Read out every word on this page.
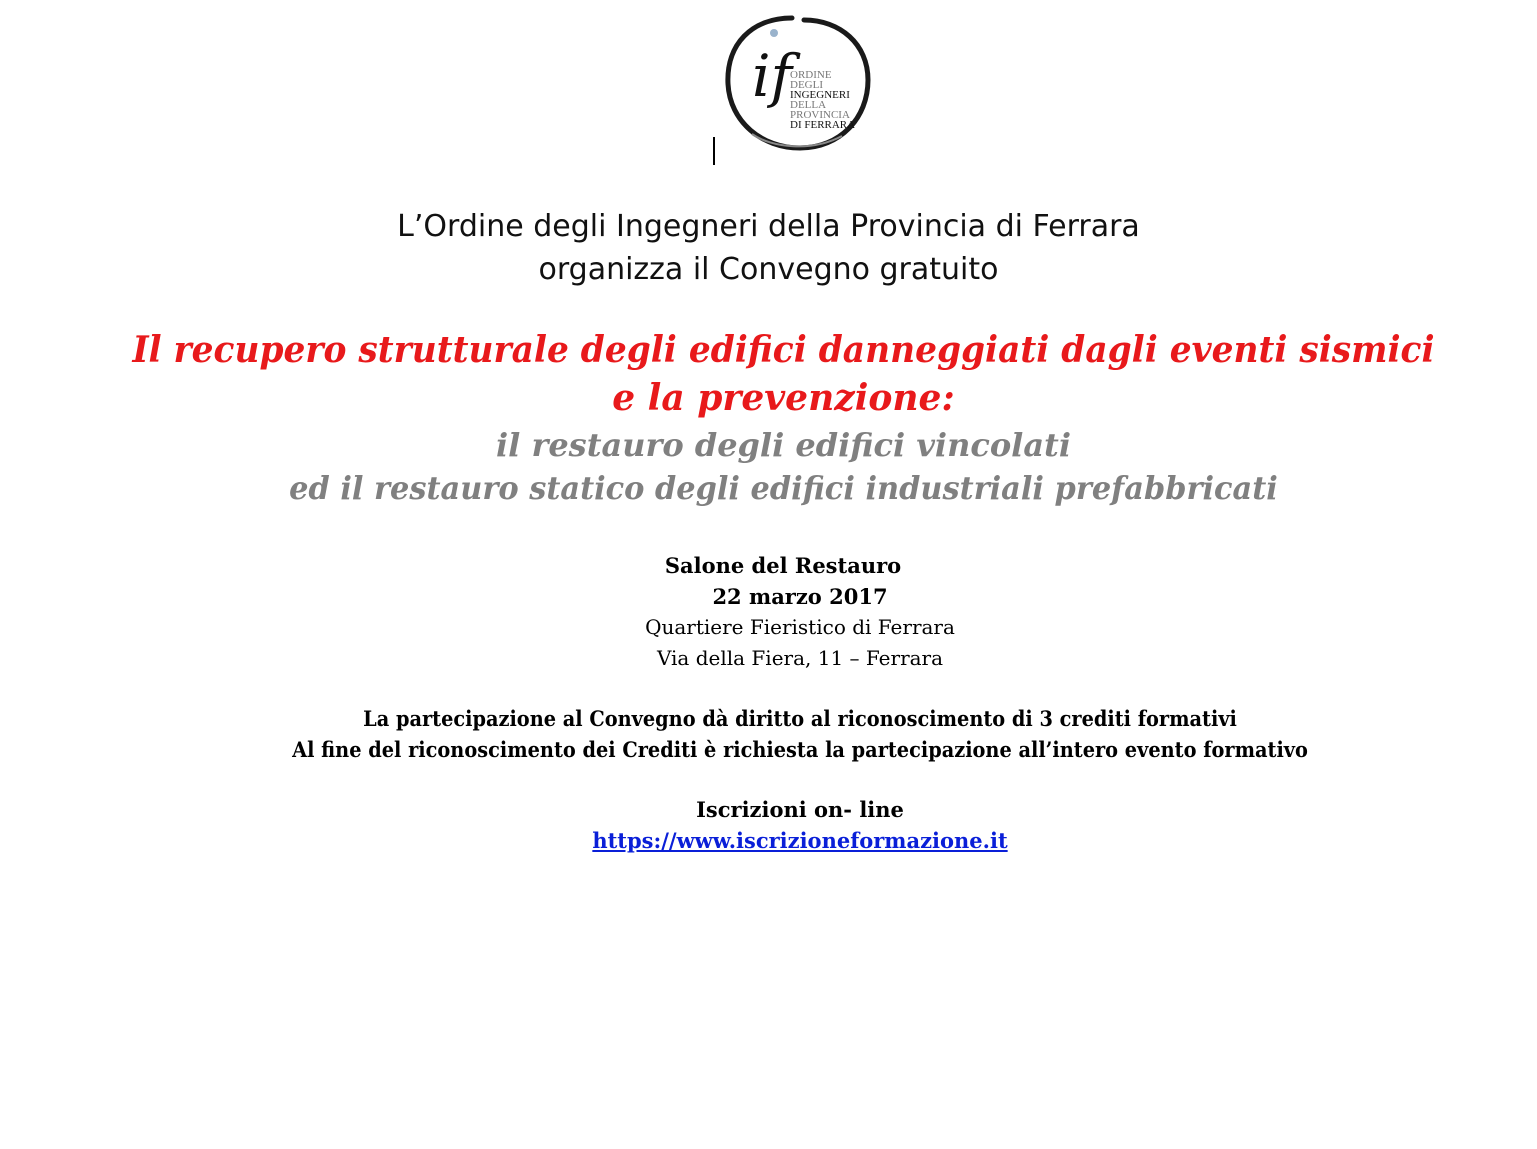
if
ORDINE
DEGLI
INGEGNERI
DELLA
PROVINCIA
DI FERRARA
L’Ordine degli Ingegneri della Provincia di Ferrara
organizza il Convegno gratuito
Il recupero strutturale degli edifici danneggiati dagli eventi sismici
e la prevenzione:
il restauro degli edifici vincolati
ed il restauro statico degli edifici industriali prefabbricati
Salone del Restauro
22 marzo 2017
Quartiere Fieristico di Ferrara
Via della Fiera, 11 – Ferrara
La partecipazione al Convegno dà diritto al riconoscimento di 3 crediti formativi
Al fine del riconoscimento dei Crediti è richiesta la partecipazione all’intero evento formativo
Iscrizioni on- line
https://www.iscrizioneformazione.it
